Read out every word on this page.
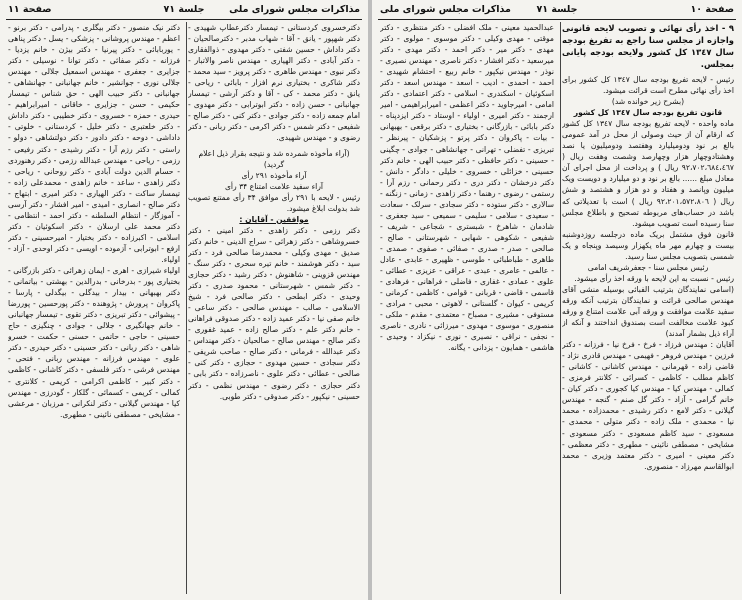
مذاکرات مجلس شورای ملی
جلسة ٧١
صفحة ١١

دکترخسروی کردستانی - تیمسار دکترعطاپ شهیدی - دکتر شهپور - یانق - آقا - شهاب مدبر - دکترصالحیان - دکتر داداش - حسین شفتی - دکتر مهدوی - ذوالفقاری - دکتر آبادی - دکتر الهیاری - مهندس ناصر والاتبار - دکتر نبوی - مهندس طاهری - دکتر پرویز - سید محمد - دکتر شاکری - بختیاری نرم افزار - بابائی - ریاحی - یانق - دکتر محمد - کی - آقا و دکتر آرشی - تیمسار جهانبانی - حسن زاده - دکتر ابوترابی - دکتر مهدوی - امام جمعه زاده - دکتر جوادی - دکتر کنی - دکتر صالح - شفیعی - دکتر شمس - دکتر اکرمی - دکتر ربانی - دکتر رضوی و - مهندس شهیدی.

(آراء مأخوذه شمرده شد و نتیجه بقرار ذیل اعلام گردید)

آراء مأخوذه ۲۹۱ رأی

آراء سفید علامت امتناع ۳۴ رأی

رئیس - لایحه با ۲۹۱ رأی موافق ۳۴ رأی ممتنع تصویب شد بدولت ابلاغ میشود.

موافقین - آقایان :

دکتر رزمی - دکتر زاهدی - دکتر امینی - دکتر خسروشاهی - دکتر زهرائی - سراج الدینی - خانم دکتر صدیق - مهدی وکیلی - محمدرضا صالحی فرد - دکتر سید - دکتر هوشمند - خانم تیره سحری - دکتر سنگ - مهندس قزوینی - شاهنوش - دکتر رشید - دکتر حجازی - دکتر شمس - شهرستانی - محمود صدری - دکتر وحیدی - دکتر ابطحی - دکتر صالحی فرد - شیخ الاسلامی - صالب - مهندس صالحی - دکتر ساعی - خانم صفی نیا - دکتر عمید زاده - دکتر صدوقی فراهانی - خانم دکتر علم - دکتر صالح زاده - عمید غفوری - دکتر صالح - مهندس صالح - صالحیان - دکتر مهنداس - دکتر عبدالله - فرمانی - دکتر صالح - صاحب شریفی - دکتر سجادی - حسین مهدوی - حجازی - دکتر کنی - صالحی - عطائی - دکتر علوی - ناصرزاده - دکتر بابی - دکتر حجازی - دکتر رضوی - مهندس نظمی - دکتر حسینی - نیکپور - دکتر صدوقی - دکتر طوبی.

دکتر نیک منصور - دکتر بیگلری - پدرامی - دکتر برنو - اعظم - مهندس پروشانی - پزشکی - یسل - دکتر پناهی - یوربابائی - دکتر پیرنیا - دکتر بیژن - خانم یزدیا - فرزانه - دکتر صفائی - دکتر توانا - نوسیلی - دکتر جزایری - جعفری - مهندس اسمعیل جلالی - مهندس جلالی نوری - جوانشیر - خانم جهانبانی - جهانشاهی - جهانبانی - دکتر حبیب الهی - حق شناس - تیمسار حکیمی - حسن - جزایری - خاقانی - امیرابراهیم - حیدری - حمزه - خسروی - دکتر خطیبی - دکتر داداش - دکتر خلعتبری - دکتر خلیل - کردستانی - خلوتی - داداشی - دوحه - دکتر دادور - دکتر دولتشاهی - دولو - راستی - دکتر رزم آرا - دکتر رشیدی - دکتر رفیعی - رزمی - ریاحی - مهندس عبدالله رزمی - دکتر رهنوردی - حسام الدین دولت آبادی - دکتر روحانی - ریاحی - دکتر زاهدی - ساعد - خانم زاهدی - محمدعلی زاده - تیمسار ساکت - دکتر الهیاری - دکتر امیری - ابتهاج - دکتر صالح - انصاری - امیدی - امیر افشار - دکتر آرسی - آموزگار - انتظام السلطنه - دکتر احمد - انتظامی - دکتر محمد علی ارسلان - دکتر اسکوئیان - دکتر اسلامی - اکبرزاده - دکتر بختیار - امیرحسینی - دکتر ارفع - ابوترابی - آزموده - اویسی - دکتر اوحدی - آزاد - اولیاء.

اولیاء شیرازی - اهری - ایمان زهرائی - دکتر بازرگانی - بختیاری پور - بدرخانی - بدرالدین - بهشتی - بیاتمانی - دکتر بهبهانی - بیدار - بیدگلی - بیگدلی - پارسا - پاکروان - پرورش - پژوهنده - دکتر پورحسین - پوررضا - پیشوائی - دکتر تبریزی - دکتر تقوی - تیمسار جهانبانی - خانم جهانگیری - جلالی - جوادی - چنگیزی - حاج حسینی - حاجی - حاتمی - حسنی - حکمت - خسرو شاهی - دکتر ربانی - دکتر حسینی - دکتر حیدری - دکتر علوی - مهندس فرزانه - مهندس ربانی - فتحی - مهندس فرشی - دکتر فلسفی - دکتر کاشانی - کاظمی - دکتر کبیر - کاظمی اکرامی - کریمی - کلانتری - کمالی - کریمی - کسمائی - گلکار - گودرزی - مهندس کیا - مهندس گیلانی - دکتر لنکرانی - مرزبان - مرعشی - مشایخی - مصطفی نائینی - مطهری.

صفحة ١٠
جلسة ٧١
مذاکرات مجلس شورای ملی

٩ - اخذ رأی نهائی و تصویب لایحه قانونی واجازه از مجلس سنا راجع به تفریغ بودجه سال ١٣٤٧ کل کشور ولایحه بودجه پایانی بمجلس.

رئیس - لایحه تفریغ بودجه سال ١٣٤٧ کل کشور برای اخذ رأی نهائی مطرح است قرائت میشود.

(بشرح زیر خوانده شد)

قانون تفریغ بودجه سال ١٣٤٧ کل کشور

ماده واحده - لایحه تفریغ بودجه سال ١٣٤٧ کل کشور که ارقام آن از حیث وصولی از محل در آمد عمومی بالغ بر نود ودومیلیارد وهفتصد ودومیلیون یا نصد وهشتادوچهار هزار وچهارصد وشصت وهفت ریال ( ٩٢،٧٠٢،٦٨٤،٤٦٧ ریال ) و پرداخت از محل اجرای آن معادل مبلغ ...... بالغ بر نود و دو میلیارد و دویست ویک میلیون وپانصد و هفتاد و دو هزار و هشتصد و شش ریال ( ٩٢،٢٠١،٥٧٢،٨٠٦ ریال ) است با تعدیلاتی که باشد در حساب‌های مربوطه تصحیح و باطلاع مجلس سنا رسیده است تصویب میشود.

قانون فوق مشتمل بریک ماده درجلسه روزدوشنبه بیست و چهارم مهر ماه یکهزار وسیصد وپنجاه و یک شمسی بتصویب مجلس سنا رسید.

رئیس مجلس سنا - جعفرشریف امامی

رئیس - نسبت به این لایحه با ورقه اخذ رأی میشود.

(اسامی نمایندگان بترتیب الفبائی بوسیله منشی آقای مهندس صالحی قرائت و نمایندگان بترتیب آنکه ورقه سفید علامت موافقت و ورقه آبی علامت امتناع و ورقه کبود علامت مخالفت است بصندوق انداختند و آنکه از آراء ذیل بشمار آمدند)

آقایان : مهندس فرزاد - فرخ - فرخ نیا - فرزانه - دکتر فرزین - مهندس فروهر - فهیمی - مهندس قادری نژاد - قاضی زاده - قهرمانی - مهندس کاشانی - کاشانی - کاظم مطلب - کاظمی - کسرائی - کلانتر فرمزی - کمالی - مهندس کیا - مهندس کیا کجوری - دکتر کیان - خانم گرامی - آزاد - دکتر گل صنم - گنجه - مهندس گیلانی - دکتر لامع - دکتر رشیدی - محمدزاده - محمد نیا - محمدی - ملک زاده - دکتر متولی - محمدی - مسعودی - سید کاظم مسعودی - دکتر مسعودی - مشایخی - مصطفی نائینی - مطهری - دکتر معظمی - دکتر معینی - امیری - دکتر معتمد وزیری - محمد ابوالقاسم مهرزاد - منصوری.

عبدالحمید معینی - ملک افضلی - دکتر منتظری - دکتر موقتی - مهدی وکیلی - دکتر موسوی - مولوی - دکتر مهدی - دکتر میر - دکتر احمد - دکتر مهدی - دکتر میرسعید - دکتر افشار - دکتر ناصری - مهندس نصیری - نوذر - مهندس نیکپور - خانم ربیع - احتشام شهیدی - احمد - احمدی - ادیب - اسعد - مهندس اسعد - دکتر اسکوئیان - اسکندری - اسلامی - دکتر اعتمادی - دکتر امامی - امیرجاوید - دکتر اعظمی - امیرابراهیمی - امیر ارجمند - دکتر امیری - اولیاء - اوستاد - دکتر ایزدپناه - دکتر بابائی - بازرگانی - بختیاری - دکتر برقعی - بهبهانی - بیات - پاکروان - دکتر پرتو - پزشکیان - پیرنظر - تبریزی - تفضلی - تهرانی - جهانشاهی - جوادی - چگینی - حسینی - دکتر حافظی - دکتر حبیب الهی - خانم دکتر حسینی - خزائلی - خسروی - خلیلی - دادگر - دانش - دکتر درخشان - دکتر دری - دکتر رحمانی - رزم آرا - رستمی - رضوی - رهنما - دکتر زاهدی - زمانی - زنگنه - سالاری - دکتر ستوده - دکتر سجادی - سرلک - سعادت - سعیدی - سلامی - سلیمی - سمیعی - سید جعفری - شادمان - شاهرخ - شبستری - شجاعی - شریف - شفیعی - شکوهی - شهابی - شهرستانی - صالح - صالحی - صدر - صدری - صفائی - صفوی - صمدی - طاهری - طباطبائی - طوسی - ظهیری - عابدی - عادل - عالمی - عامری - عبدی - عراقی - عزیزی - عطائی - علوی - عمادی - غفاری - فاضلی - فراهانی - فرهادی - قاسمی - قاضی - قربانی - قوامی - کاظمی - کرمانی - کریمی - کیوان - گلستانی - لاهوتی - محبی - مرادی - مستوفی - مشیری - مصباح - معتمدی - مقدم - ملکی - منصوری - موسوی - مهدوی - میرزائی - نادری - ناصری - نجفی - نراقی - نصیری - نوری - نیکزاد - وحیدی - هاشمی - همایون - یزدانی - یگانه.
